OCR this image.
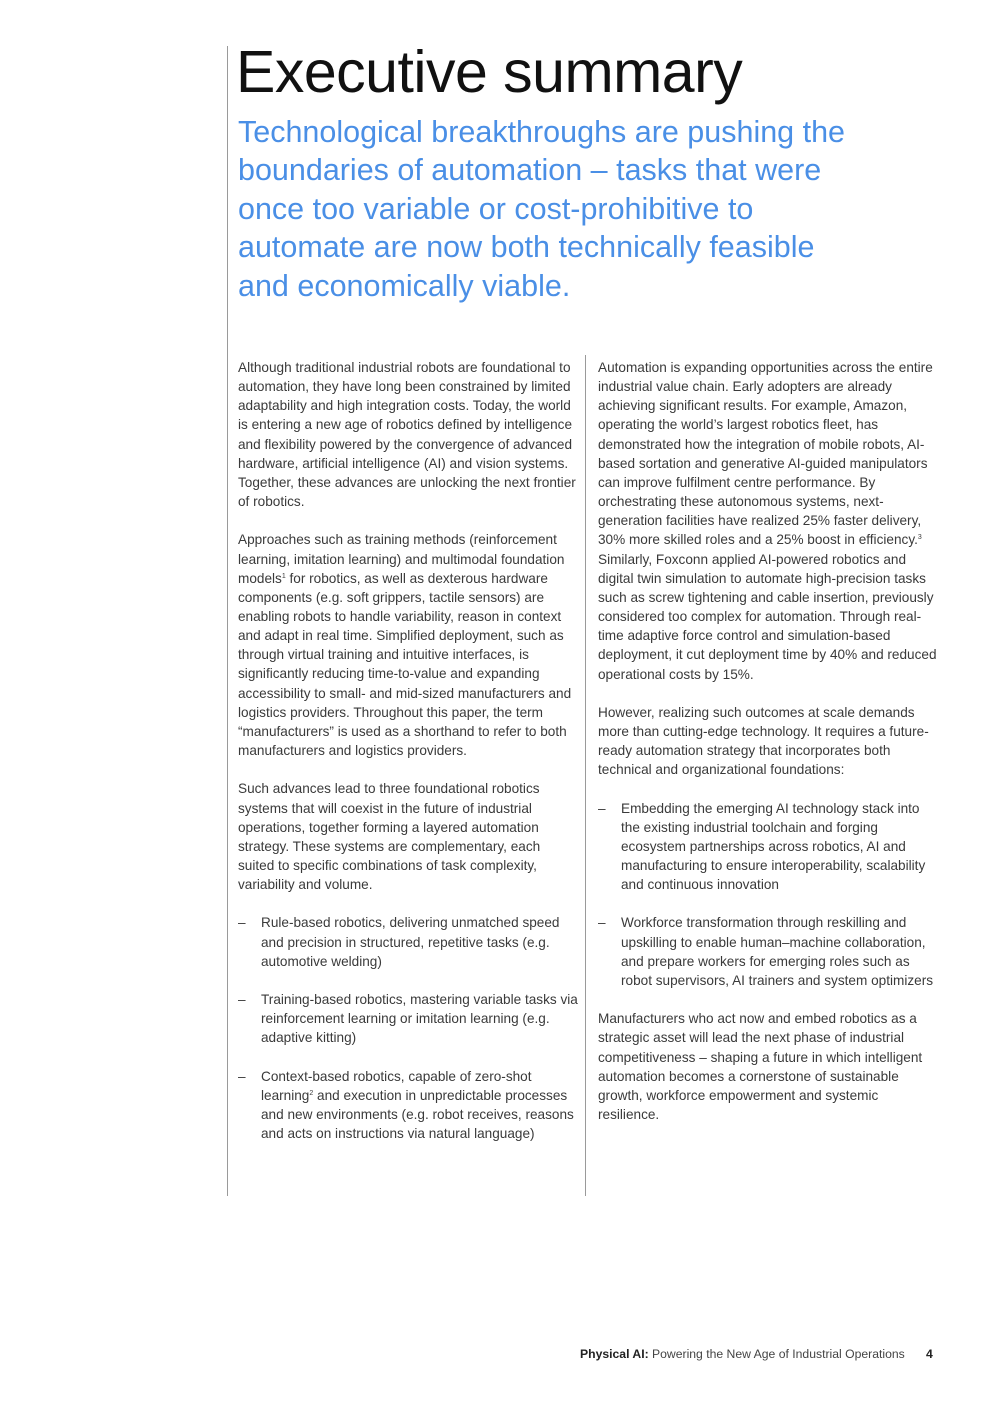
Executive summary
Technological breakthroughs are pushing the boundaries of automation – tasks that were once too variable or cost-prohibitive to automate are now both technically feasible and economically viable.

Although traditional industrial robots are foundational to automation, they have long been constrained by limited adaptability and high integration costs. Today, the world is entering a new age of robotics defined by intelligence and flexibility powered by the convergence of advanced hardware, artificial intelligence (AI) and vision systems. Together, these advances are unlocking the next frontier of robotics.

Approaches such as training methods (reinforcement learning, imitation learning) and multimodal foundation models$^1$ for robotics, as well as dexterous hardware components (e.g. soft grippers, tactile sensors) are enabling robots to handle variability, reason in context and adapt in real time. Simplified deployment, such as through virtual training and intuitive interfaces, is significantly reducing time-to-value and expanding accessibility to small- and mid-sized manufacturers and logistics providers. Throughout this paper, the term “manufacturers” is used as a shorthand to refer to both manufacturers and logistics providers.

Such advances lead to three foundational robotics systems that will coexist in the future of industrial operations, together forming a layered automation strategy. These systems are complementary, each suited to specific combinations of task complexity, variability and volume.

– Rule-based robotics, delivering unmatched speed and precision in structured, repetitive tasks (e.g. automotive welding)
– Training-based robotics, mastering variable tasks via reinforcement learning or imitation learning (e.g. adaptive kitting)
– Context-based robotics, capable of zero-shot learning$^2$ and execution in unpredictable processes and new environments (e.g. robot receives, reasons and acts on instructions via natural language)

Automation is expanding opportunities across the entire industrial value chain. Early adopters are already achieving significant results. For example, Amazon, operating the world’s largest robotics fleet, has demonstrated how the integration of mobile robots, AI-based sortation and generative AI-guided manipulators can improve fulfilment centre performance. By orchestrating these autonomous systems, next-generation facilities have realized 25% faster delivery, 30% more skilled roles and a 25% boost in efficiency.$^3$ Similarly, Foxconn applied AI-powered robotics and digital twin simulation to automate high-precision tasks such as screw tightening and cable insertion, previously considered too complex for automation. Through real-time adaptive force control and simulation-based deployment, it cut deployment time by 40% and reduced operational costs by 15%.

However, realizing such outcomes at scale demands more than cutting-edge technology. It requires a future-ready automation strategy that incorporates both technical and organizational foundations:

– Embedding the emerging AI technology stack into the existing industrial toolchain and forging ecosystem partnerships across robotics, AI and manufacturing to ensure interoperability, scalability and continuous innovation
– Workforce transformation through reskilling and upskilling to enable human–machine collaboration, and prepare workers for emerging roles such as robot supervisors, AI trainers and system optimizers

Manufacturers who act now and embed robotics as a strategic asset will lead the next phase of industrial competitiveness – shaping a future in which intelligent automation becomes a cornerstone of sustainable growth, workforce empowerment and systemic resilience.

Physical AI: Powering the New Age of Industrial Operations	4
